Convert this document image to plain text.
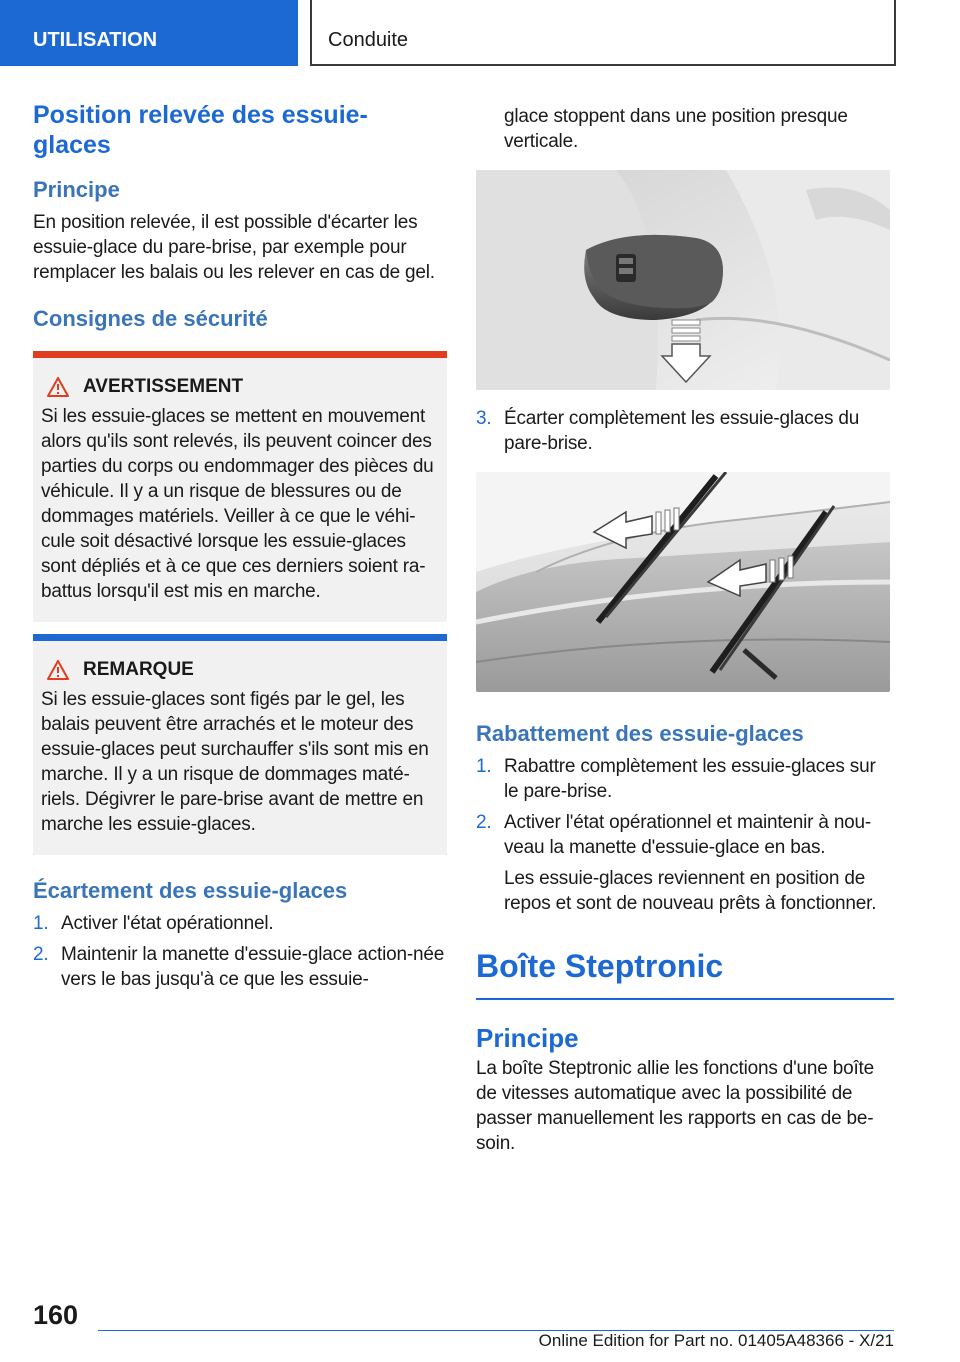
UTILISATION	Conduite
Position relevée des essuie-
glaces
Principe
En position relevée, il est possible d'écarter les essuie-glace du pare-brise, par exemple pour remplacer les balais ou les relever en cas de gel.
Consignes de sécurité
AVERTISSEMENT
Si les essuie-glaces se mettent en mouvement alors qu'ils sont relevés, ils peuvent coincer des parties du corps ou endommager des pièces du véhicule. Il y a un risque de blessures ou de dommages matériels. Veiller à ce que le véhi-cule soit désactivé lorsque les essuie-glaces sont dépliés et à ce que ces derniers soient ra-battus lorsqu'il est mis en marche.
REMARQUE
Si les essuie-glaces sont figés par le gel, les balais peuvent être arrachés et le moteur des essuie-glaces peut surchauffer s'ils sont mis en marche. Il y a un risque de dommages maté-riels. Dégivrer le pare-brise avant de mettre en marche les essuie-glaces.
Écartement des essuie-glaces
1. Activer l'état opérationnel.
2. Maintenir la manette d'essuie-glace action-née vers le bas jusqu'à ce que les essuie-
glace stoppent dans une position presque verticale.
3. Écarter complètement les essuie-glaces du pare-brise.
Rabattement des essuie-glaces
1. Rabattre complètement les essuie-glaces sur le pare-brise.
2. Activer l'état opérationnel et maintenir à nou-veau la manette d'essuie-glace en bas.
Les essuie-glaces reviennent en position de repos et sont de nouveau prêts à fonctionner.
Boîte Steptronic
Principe
La boîte Steptronic allie les fonctions d'une boîte de vitesses automatique avec la possibilité de passer manuellement les rapports en cas de be-soin.
160
Online Edition for Part no. 01405A48366 - X/21
